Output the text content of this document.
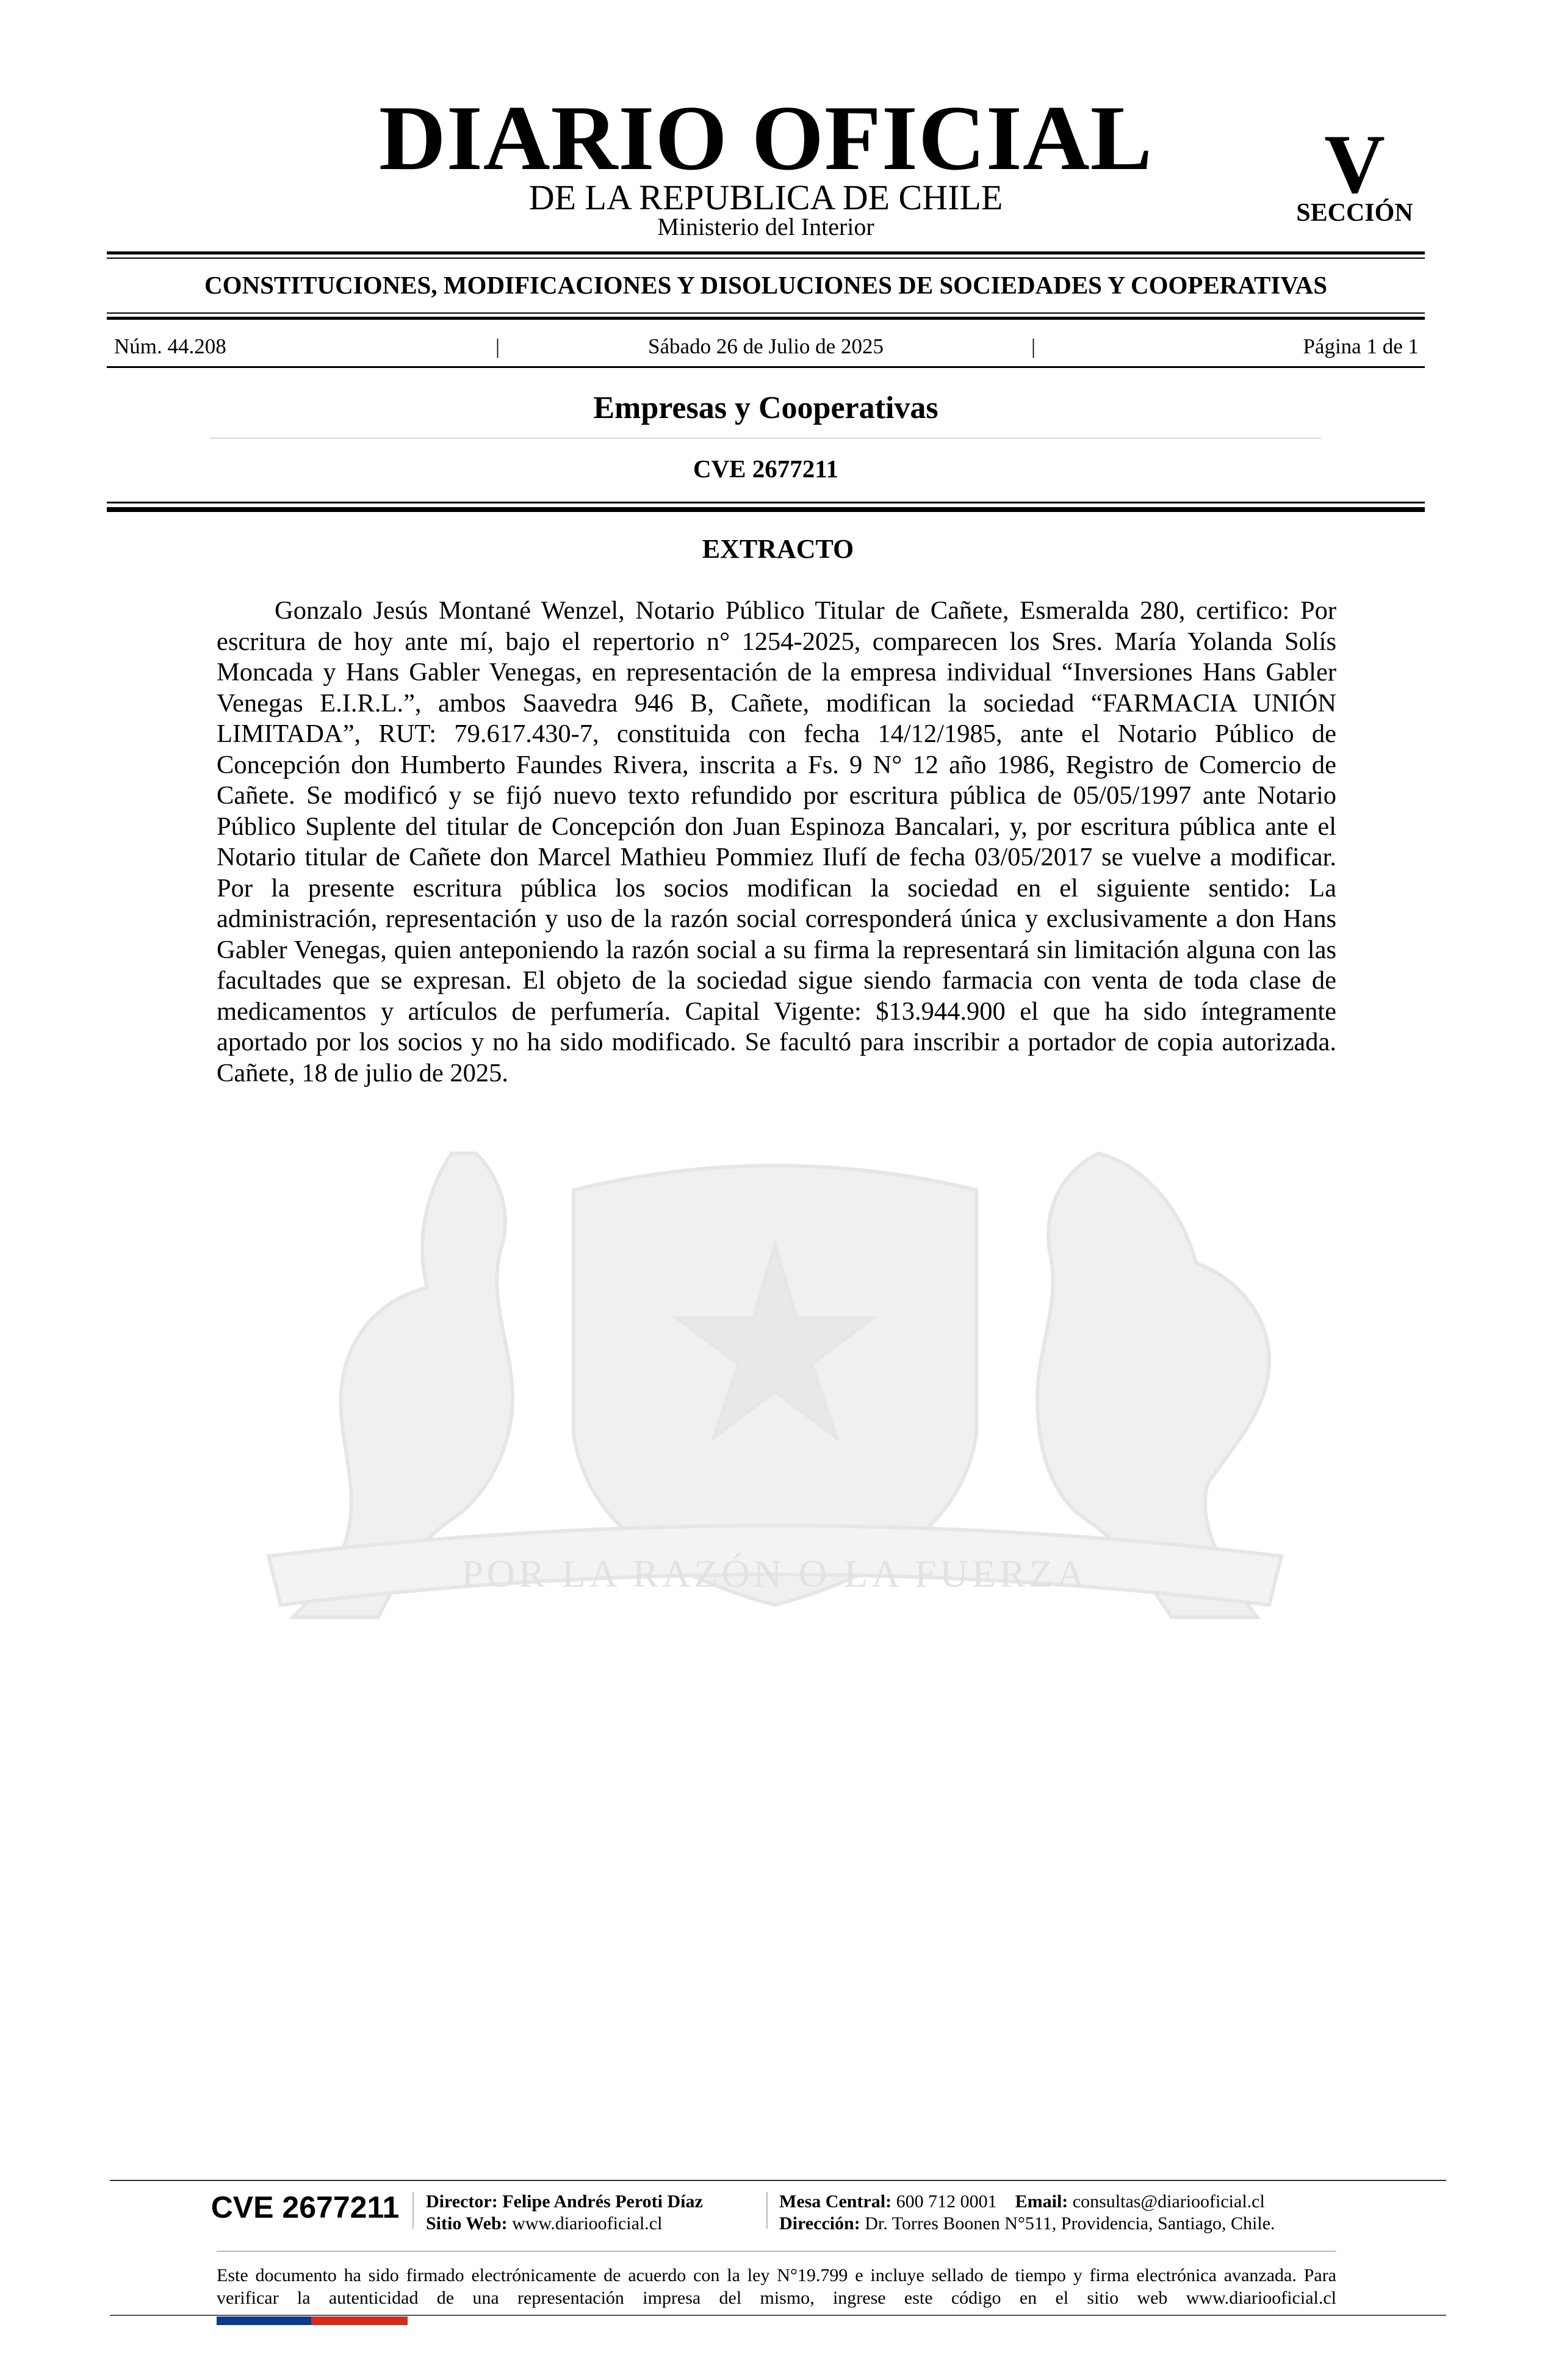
POR LA RAZÓN O LA FUERZA
DIARIO OFICIAL
DE LA REPUBLICA DE CHILE
Ministerio del Interior
V
SECCIÓN
CONSTITUCIONES, MODIFICACIONES Y DISOLUCIONES DE SOCIEDADES Y COOPERATIVAS
Núm. 44.208	|	Sábado 26 de Julio de 2025	|	Página 1 de 1
Empresas y Cooperativas
CVE 2677211
EXTRACTO

Gonzalo Jesús Montané Wenzel, Notario Público Titular de Cañete, Esmeralda 280, certifico: Por escritura de hoy ante mí, bajo el repertorio n° 1254-2025, comparecen los Sres. María Yolanda Solís Moncada y Hans Gabler Venegas, en representación de la empresa individual “Inversiones Hans Gabler Venegas E.I.R.L.”, ambos Saavedra 946 B, Cañete, modifican la sociedad “FARMACIA UNIÓN LIMITADA”, RUT: 79.617.430-7, constituida con fecha 14/12/1985, ante el Notario Público de Concepción don Humberto Faundes Rivera, inscrita a Fs. 9 N° 12 año 1986, Registro de Comercio de Cañete. Se modificó y se fijó nuevo texto refundido por escritura pública de 05/05/1997 ante Notario Público Suplente del titular de Concepción don Juan Espinoza Bancalari, y, por escritura pública ante el Notario titular de Cañete don Marcel Mathieu Pommiez Ilufí de fecha 03/05/2017 se vuelve a modificar. Por la presente escritura pública los socios modifican la sociedad en el siguiente sentido: La administración, representación y uso de la razón social corresponderá única y exclusivamente a don Hans Gabler Venegas, quien anteponiendo la razón social a su firma la representará sin limitación alguna con las facultades que se expresan. El objeto de la sociedad sigue siendo farmacia con venta de toda clase de medicamentos y artículos de perfumería. Capital Vigente: $13.944.900 el que ha sido íntegramente aportado por los socios y no ha sido modificado. Se facultó para inscribir a portador de copia autorizada. Cañete, 18 de julio de 2025.

CVE 2677211	Director: Felipe Andrés Peroti Díaz
Sitio Web: www.diariooficial.cl
Mesa Central: 600 712 0001 Email: consultas@diariooficial.cl
Dirección: Dr. Torres Boonen N°511, Providencia, Santiago, Chile.
Este documento ha sido firmado electrónicamente de acuerdo con la ley N°19.799 e incluye sellado de tiempo y firma electrónica avanzada. Para verificar la autenticidad de una representación impresa del mismo, ingrese este código en el sitio web www.diariooficial.cl
